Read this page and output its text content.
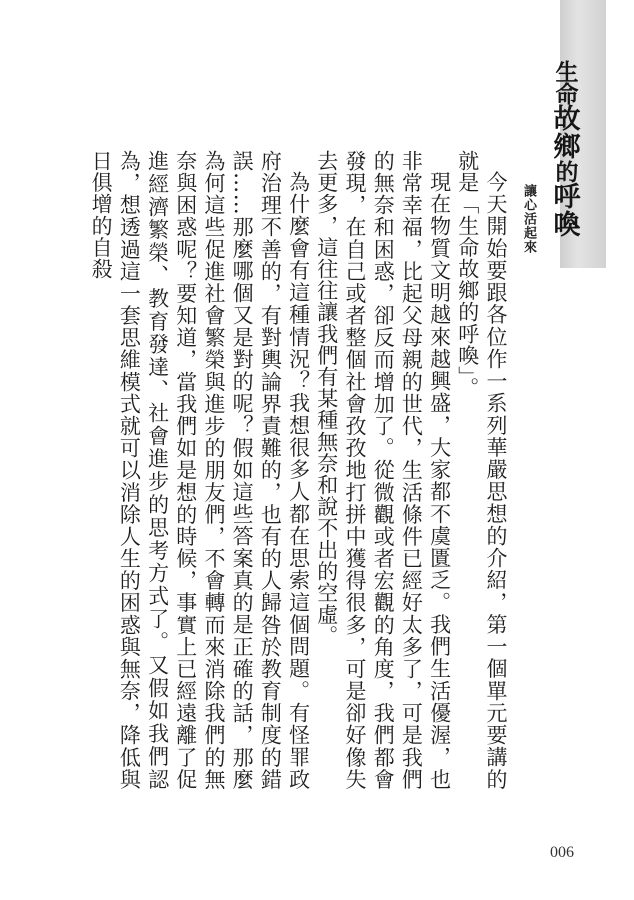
生
命
故
鄉
的
呼
喚
讓心活起來

今天開始要跟各位作一系列華嚴思想的介紹，第一個單元要講的就是「生命故鄉的呼喚」。

現在物質文明越來越興盛，大家都不虞匱乏。我們生活優渥，也非常幸福，比起父母親的世代，生活條件已經好太多了，可是我們的無奈和困惑，卻反而增加了。從微觀或者宏觀的角度，我們都會發現，在自己或者整個社會孜孜地打拼中獲得很多，可是卻好像失去更多，這往往讓我們有某種無奈和說不出的空虛。

為什麼會有這種情況？我想很多人都在思索這個問題。有怪罪政府治理不善的，有對輿論界責難的，也有的人歸咎於教育制度的錯誤……那麼哪個又是對的呢？假如這些答案真的是正確的話，那麼為何這些促進社會繁榮與進步的朋友們，不會轉而來消除我們的無奈與困惑呢？要知道，當我們如是想的時候，事實上已經遠離了促進經濟繁榮、教育發達、社會進步的思考方式了。又假如我們認為，想透過這一套思維模式就可以消除人生的困惑與無奈，降低與日俱增的自殺

006
